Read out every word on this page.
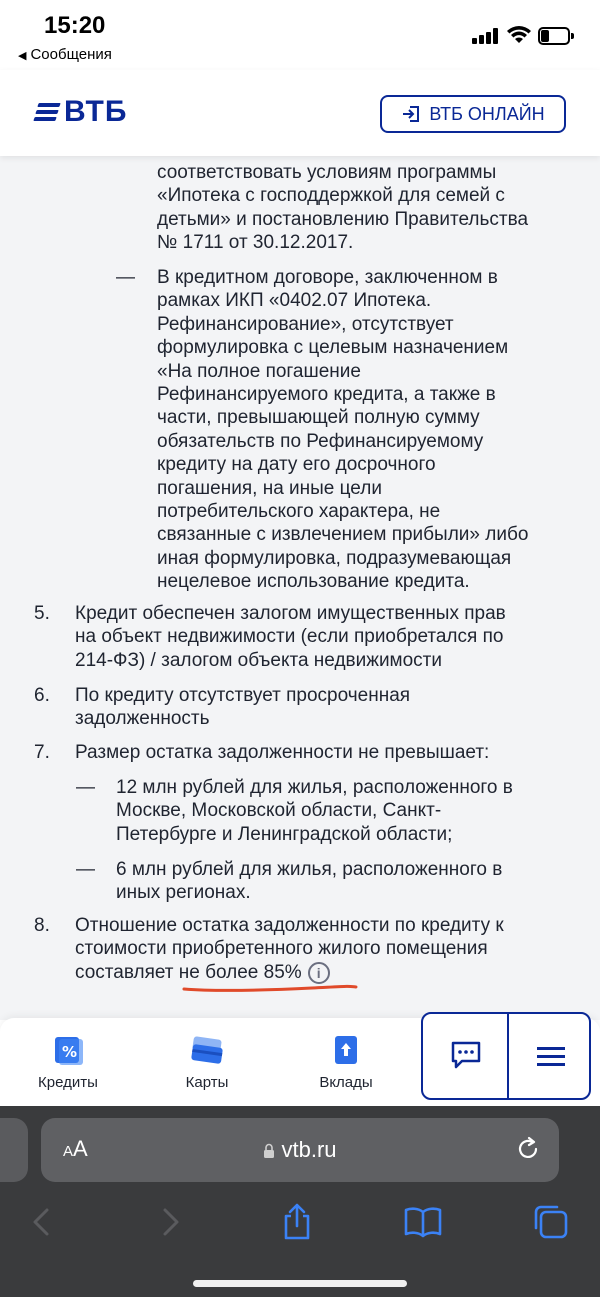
15:20
◀ Сообщения
ВТБ	ВТБ ОНЛАЙН
соответствовать условиям программы
«Ипотека с господдержкой для семей с
детьми» и постановлению Правительства
№ 1711 от 30.12.2017.
— В кредитном договоре, заключенном в
рамках ИКП «0402.07 Ипотека.
Рефинансирование», отсутствует
формулировка с целевым назначением
«На полное погашение
Рефинансируемого кредита, а также в
части, превышающей полную сумму
обязательств по Рефинансируемому
кредиту на дату его досрочного
погашения, на иные цели
потребительского характера, не
связанные с извлечением прибыли» либо
иная формулировка, подразумевающая
нецелевое использование кредита.
5. Кредит обеспечен залогом имущественных прав
на объект недвижимости (если приобретался по
214-ФЗ) / залогом объекта недвижимости
6. По кредиту отсутствует просроченная
задолженность
7. Размер остатка задолженности не превышает:
— 12 млн рублей для жилья, расположенного в
Москве, Московской области, Санкт-
Петербурге и Ленинградской области;
— 6 млн рублей для жилья, расположенного в
иных регионах.
8. Отношение остатка задолженности по кредиту к
стоимости приобретенного жилого помещения
составляет не более 85% i
%
Кредиты	Карты	Вклады
AA	vtb.ru
